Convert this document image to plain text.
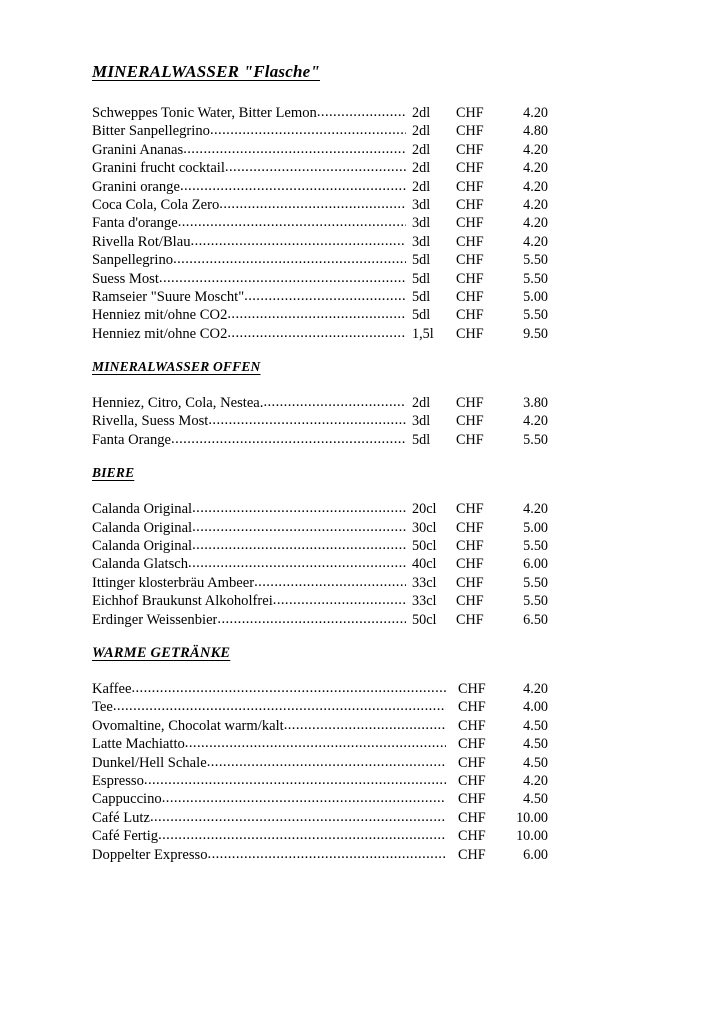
MINERALWASSER "Flasche"
Schweppes Tonic Water, Bitter Lemon .....	2dl	CHF	4.20
Bitter Sanpellegrino .....	2dl	CHF	4.80
Granini Ananas .....	2dl	CHF	4.20
Granini frucht cocktail .....	2dl	CHF	4.20
Granini orange .....	2dl	CHF	4.20
Coca Cola, Cola Zero .....	3dl	CHF	4.20
Fanta d'orange .....	3dl	CHF	4.20
Rivella Rot/Blau .....	3dl	CHF	4.20
Sanpellegrino .....	5dl	CHF	5.50
Suess Most .....	5dl	CHF	5.50
Ramseier "Suure Moscht" .....	5dl	CHF	5.00
Henniez mit/ohne CO2 .....	5dl	CHF	5.50
Henniez mit/ohne CO2 .....	1,5l	CHF	9.50
MINERALWASSER OFFEN
Henniez, Citro, Cola, Nestea. .....	2dl	CHF	3.80
Rivella, Suess Most .....	3dl	CHF	4.20
Fanta Orange .....	5dl	CHF	5.50
BIERE
Calanda Original .....	20cl	CHF	4.20
Calanda Original .....	30cl	CHF	5.00
Calanda Original .....	50cl	CHF	5.50
Calanda Glatsch .....	40cl	CHF	6.00
Ittinger klosterbräu Ambeer .....	33cl	CHF	5.50
Eichhof Braukunst Alkoholfrei .....	33cl	CHF	5.50
Erdinger Weissenbier .....	50cl	CHF	6.50
WARME GETRÄNKE
Kaffee .....	CHF	4.20
Tee .....	CHF	4.00
Ovomaltine, Chocolat warm/kalt .....	CHF	4.50
Latte Machiatto .....	CHF	4.50
Dunkel/Hell Schale .....	CHF	4.50
Espresso .....	CHF	4.20
Cappuccino .....	CHF	4.50
Café Lutz .....	CHF	10.00
Café Fertig .....	CHF	10.00
Doppelter Expresso .....	CHF	6.00
